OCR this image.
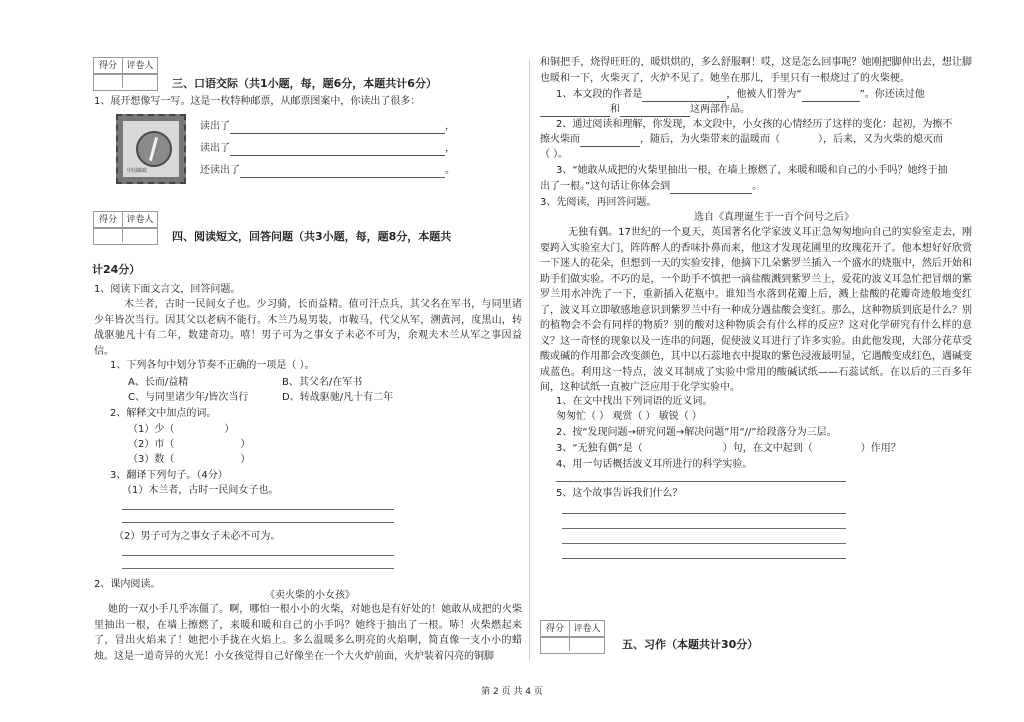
得分	评卷人
三、口语交际（共1小题，每，题6分，本题共计6分）
1、展开想像写一写。这是一枚特种邮票，从邮票图案中，你读出了很多：
中国邮政
读出了	，
读出了	，
还读出了	。
得分	评卷人
四、阅读短文，回答问题（共3小题，每，题8分，本题共
计24分）
1、阅读下面文言文，回答问题。
木兰者，古时一民间女子也。少习骑，长而益精。值可汗点兵，其父名在军书，与同里诸少年皆次当行。因其父以老病不能行。木兰乃易男装，市鞍马，代父从军，溯黄河，度黑山，转战驱驰凡十有二年，数建奇功。嘻！男子可为之事女子未必不可为，余观夫木兰从军之事因益信。
1、下列各句中划分节奏不正确的一项是（ ）。
A、长而/益精	B、其父名/在军书
C、与同里诸少年/皆次当行	D、转战驱驰/凡十有二年
2、解释文中加点的词。
（1）少（	）
（2）市（	）
（3）数（	）
3、翻译下列句子。（4分）
（1）木兰者，古时一民间女子也。
（2）男子可为之事女子未必不可为。
2、课内阅读。
《卖火柴的小女孩》
她的一双小手几乎冻僵了。啊，哪怕一根小小的火柴，对她也是有好处的！她敢从成把的火柴里抽出一根，在墙上擦燃了，来暖和暖和自己的小手吗？她终于抽出了一根。哧！火柴燃起来了，冒出火焰来了！她把小手拢在火焰上。多么温暖多么明亮的火焰啊，简直像一支小小的蜡烛。这是一道奇异的火光！小女孩觉得自己好像坐在一个大火炉前面，火炉装着闪亮的铜脚
和铜把手，烧得旺旺的，暖烘烘的，多么舒服啊！哎，这是怎么回事呢？她刚把脚伸出去，想让脚也暖和一下，火柴灭了，火炉不见了。她坐在那儿，手里只有一根烧过了的火柴梗。
1、本文段的作者是	，他被人们誉为“	”。你还读过他
和	这两部作品。
2、通过阅读和理解，你发现，本文段中，小女孩的心情经历了这样的变化：起初，为擦不
擦火柴而	，随后，为火柴带来的温暖而（	），后来，又为火柴的熄灭而
（ ）。
3、“她敢从成把的火柴里抽出一根，在墙上擦燃了，来暖和暖和自己的小手吗？她终于抽
出了一根。”这句话让你体会到	。
3、先阅读，再回答问题。
选自《真理诞生于一百个问号之后》
无独有偶。17世纪的一个夏天，英国著名化学家波义耳正急匆匆地向自己的实验室走去，刚要跨入实验室大门，阵阵醉人的香味扑鼻而来，他这才发现花圃里的玫瑰花开了。他本想好好欣赏一下迷人的花朵，但想到一天的实验安排，他摘下几朵紫罗兰插入一个盛水的烧瓶中，然后开始和助手们做实验。不巧的是，一个助手不慎把一滴盐酸溅到紫罗兰上，爱花的波义耳急忙把冒烟的紫罗兰用水冲洗了一下，重新插入花瓶中。谁知当水落到花瓣上后，溅上盐酸的花瓣奇迹般地变红了，波义耳立即敏感地意识到紫罗兰中有一种成分遇盐酸会变红。那么，这种物质到底是什么？别的植物会不会有同样的物质？别的酸对这种物质会有什么样的反应？这对化学研究有什么样的意义？这一奇怪的现象以及一连串的问题，促使波义耳进行了许多实验。由此他发现，大部分花草受酸或碱的作用都会改变颜色，其中以石蕊地衣中提取的紫色浸液最明显，它遇酸变成红色，遇碱变成蓝色。利用这一特点，波义耳制成了实验中常用的酸碱试纸——石蕊试纸。在以后的三百多年间，这种试纸一直被广泛应用于化学实验中。
1、在文中找出下列词语的近义词。
匆匆忙（ ） 观赏（ ） 敏锐（ ）
2、按“发现问题→研究问题→解决问题”用“//”给段落分为三层。
3、“无独有偶”是（	）句，在文中起到（	）作用？
4、用一句话概括波义耳所进行的科学实验。
5、这个故事告诉我们什么？
得分	评卷人
五、习作（本题共计30分）
第 2 页 共 4 页
